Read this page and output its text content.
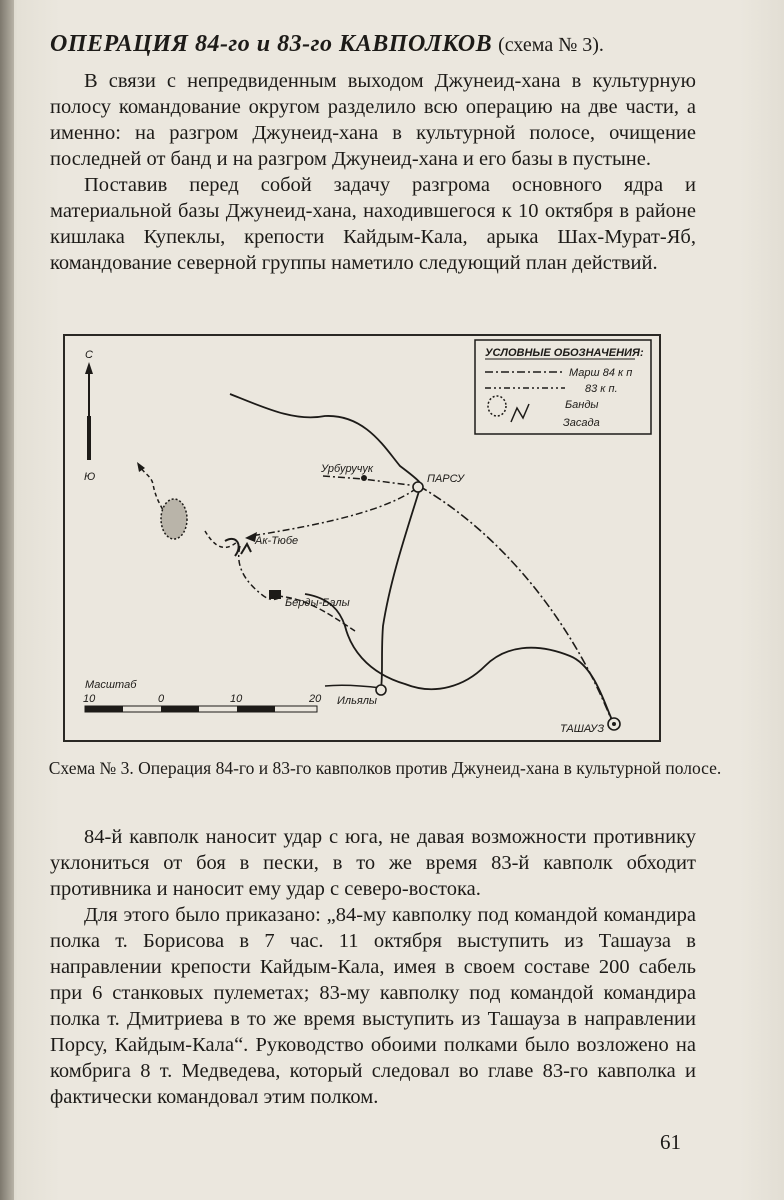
ОПЕРАЦИЯ 84-го и 83-го КАВПОЛКОВ (схема № 3).

В связи с непредвиденным выходом Джунеид-хана в культурную полосу командование округом разделило всю операцию на две части, а именно: на разгром Джунеид-хана в культурной полосе, очищение последней от банд и на разгром Джунеид-хана и его базы в пустыне.

Поставив перед собой задачу разгрома основного ядра и материальной базы Джунеид-хана, находившегося к 10 октября в районе кишлака Купеклы, крепости Кайдым-Кала, арыка Шах-Мурат-Яб, командование северной группы наметило следующий план действий.

С
Ю
УСЛОВНЫЕ ОБОЗНАЧЕНИЯ:
Марш 84 к п
83 к п.
Банды
Засада
Урбуручук
ПАРСУ
Ак-Тюбе
Берды-Балы
Ильялы
ТАШАУЗ
Масштаб
10	0	10	20
Схема № 3. Операция 84-го и 83-го кавполков против Джунеид-хана в культурной полосе.

84-й кавполк наносит удар с юга, не давая возможности противнику уклониться от боя в пески, в то же время 83-й кавполк обходит противника и наносит ему удар с северо-востока.

Для этого было приказано: „84-му кавполку под командой командира полка т. Борисова в 7 час. 11 октября выступить из Ташауза в направлении крепости Кайдым-Кала, имея в своем составе 200 сабель при 6 станковых пулеметах; 83-му кавполку под командой командира полка т. Дмитриева в то же время выступить из Ташауза в направлении Порсу, Кайдым-Кала“. Руководство обоими полками было возложено на комбрига 8 т. Медведева, который следовал во главе 83-го кавполка и фактически командовал этим полком.

61
